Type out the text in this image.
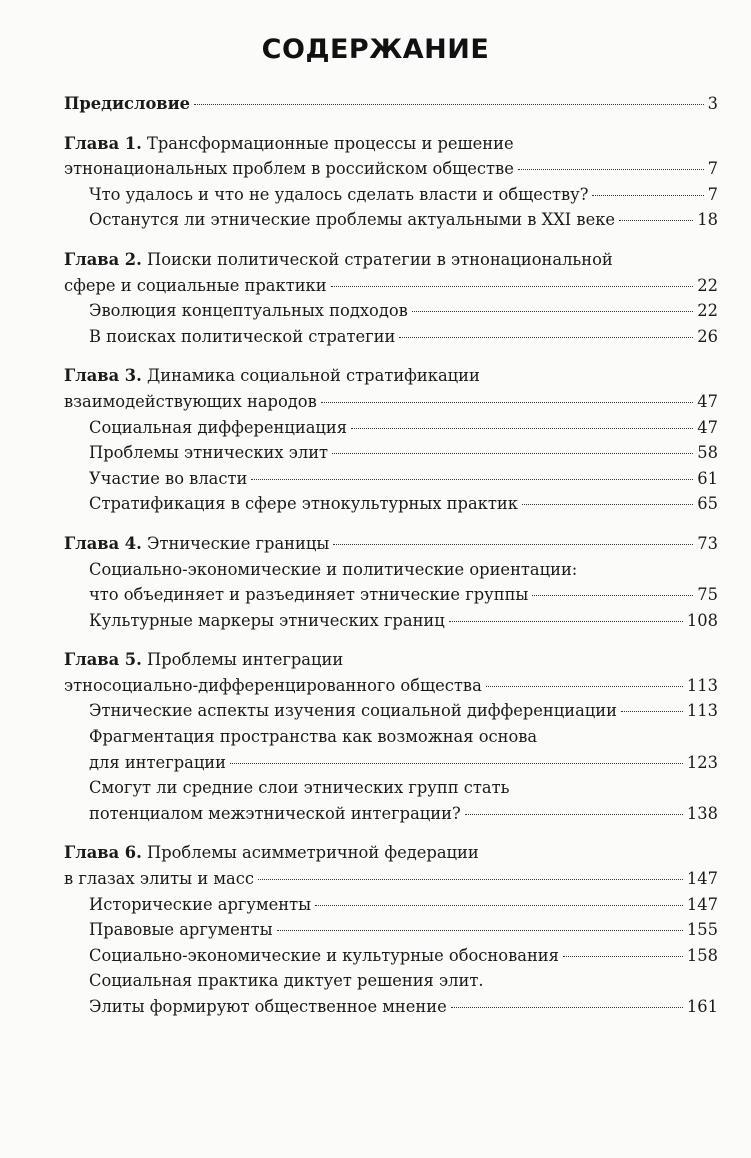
СОДЕРЖАНИЕ
Предисловие	3
Глава 1. Трансформационные процессы и решение
этнонациональных проблем в российском обществе	7
Что удалось и что не удалось сделать власти и обществу?	7
Останутся ли этнические проблемы актуальными в XXI веке	18
Глава 2. Поиски политической стратегии в этнонациональной
сфере и социальные практики	22
Эволюция концептуальных подходов	22
В поисках политической стратегии	26
Глава 3. Динамика социальной стратификации
взаимодействующих народов	47
Социальная дифференциация	47
Проблемы этнических элит	58
Участие во власти	61
Стратификация в сфере этнокультурных практик	65
Глава 4. Этнические границы	73
Социально-экономические и политические ориентации:
что объединяет и разъединяет этнические группы	75
Культурные маркеры этнических границ	108
Глава 5. Проблемы интеграции
этносоциально-дифференцированного общества	113
Этнические аспекты изучения социальной дифференциации	113
Фрагментация пространства как возможная основа
для интеграции	123
Смогут ли средние слои этнических групп стать
потенциалом межэтнической интеграции?	138
Глава 6. Проблемы асимметричной федерации
в глазах элиты и масс	147
Исторические аргументы	147
Правовые аргументы	155
Социально-экономические и культурные обоснования	158
Социальная практика диктует решения элит.
Элиты формируют общественное мнение	161
